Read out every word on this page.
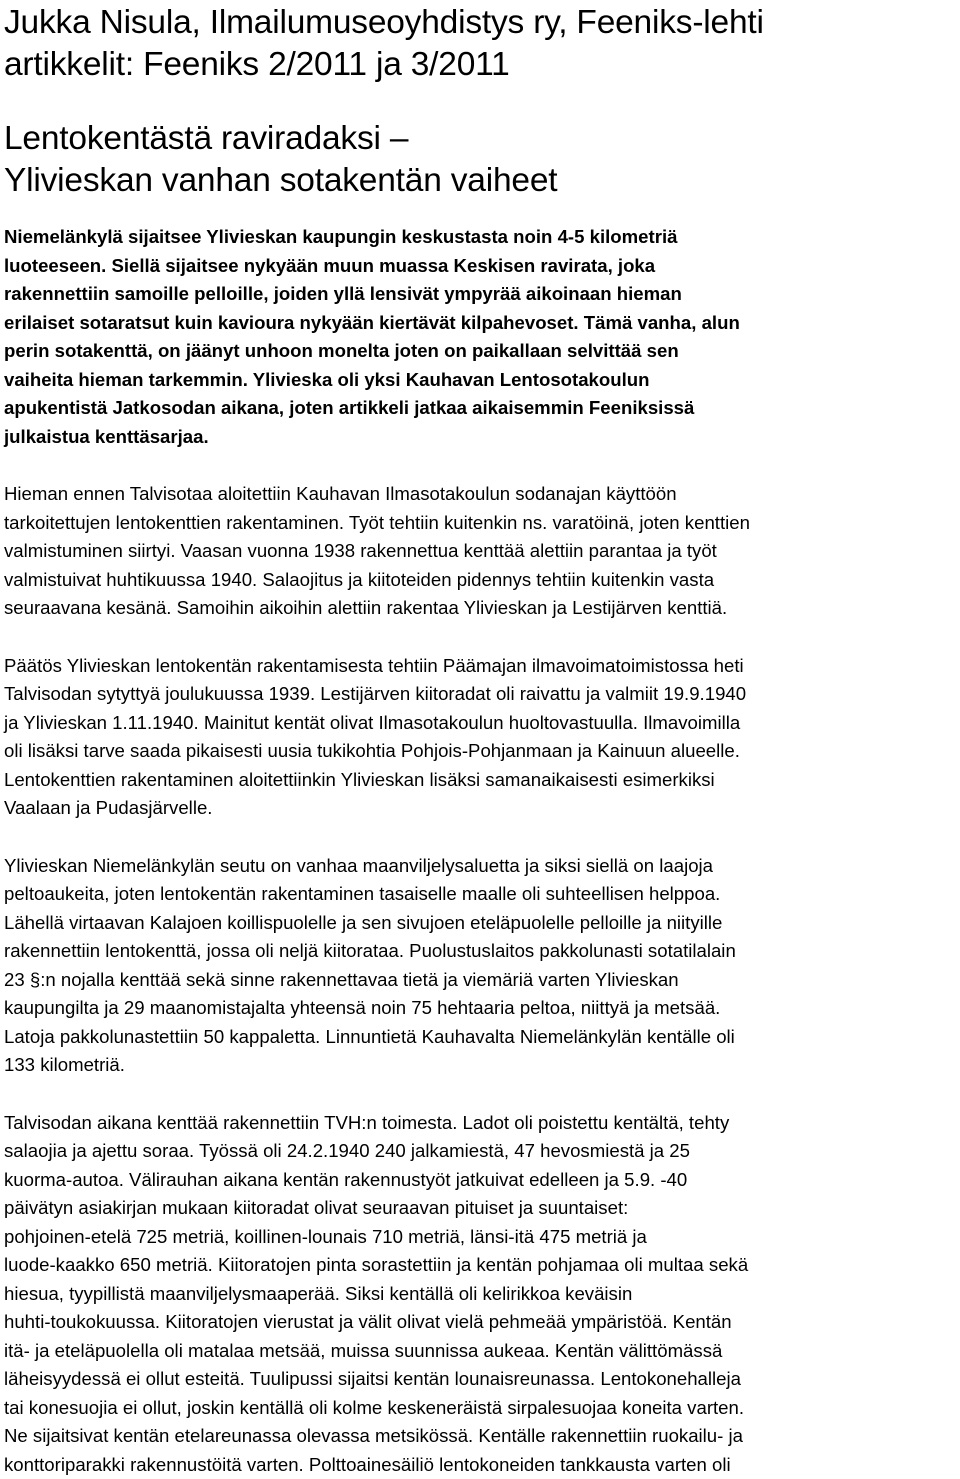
Jukka Nisula, Ilmailumuseoyhdistys ry, Feeniks-lehti
artikkelit: Feeniks 2/2011 ja 3/2011
Lentokentästä raviradaksi –
Ylivieskan vanhan sotakentän vaiheet

Niemelänkylä sijaitsee Ylivieskan kaupungin keskustasta noin 4-5 kilometriä
luoteeseen. Siellä sijaitsee nykyään muun muassa Keskisen ravirata, joka
rakennettiin samoille pelloille, joiden yllä lensivät ympyrää aikoinaan hieman
erilaiset sotaratsut kuin kavioura nykyään kiertävät kilpahevoset. Tämä vanha, alun
perin sotakenttä, on jäänyt unhoon monelta joten on paikallaan selvittää sen
vaiheita hieman tarkemmin. Ylivieska oli yksi Kauhavan Lentosotakoulun
apukentistä Jatkosodan aikana, joten artikkeli jatkaa aikaisemmin Feeniksissä
julkaistua kenttäsarjaa.

Hieman ennen Talvisotaa aloitettiin Kauhavan Ilmasotakoulun sodanajan käyttöön
tarkoitettujen lentokenttien rakentaminen. Työt tehtiin kuitenkin ns. varatöinä, joten kenttien
valmistuminen siirtyi. Vaasan vuonna 1938 rakennettua kenttää alettiin parantaa ja työt
valmistuivat huhtikuussa 1940. Salaojitus ja kiitoteiden pidennys tehtiin kuitenkin vasta
seuraavana kesänä. Samoihin aikoihin alettiin rakentaa Ylivieskan ja Lestijärven kenttiä.

Päätös Ylivieskan lentokentän rakentamisesta tehtiin Päämajan ilmavoimatoimistossa heti
Talvisodan sytyttyä joulukuussa 1939. Lestijärven kiitoradat oli raivattu ja valmiit 19.9.1940
ja Ylivieskan 1.11.1940. Mainitut kentät olivat Ilmasotakoulun huoltovastuulla. Ilmavoimilla
oli lisäksi tarve saada pikaisesti uusia tukikohtia Pohjois-Pohjanmaan ja Kainuun alueelle.
Lentokenttien rakentaminen aloitettiinkin Ylivieskan lisäksi samanaikaisesti esimerkiksi
Vaalaan ja Pudasjärvelle.

Ylivieskan Niemelänkylän seutu on vanhaa maanviljelysaluetta ja siksi siellä on laajoja
peltoaukeita, joten lentokentän rakentaminen tasaiselle maalle oli suhteellisen helppoa.
Lähellä virtaavan Kalajoen koillispuolelle ja sen sivujoen eteläpuolelle pelloille ja niityille
rakennettiin lentokenttä, jossa oli neljä kiitorataa. Puolustuslaitos pakkolunasti sotatilalain
23 §:n nojalla kenttää sekä sinne rakennettavaa tietä ja viemäriä varten Ylivieskan
kaupungilta ja 29 maanomistajalta yhteensä noin 75 hehtaaria peltoa, niittyä ja metsää.
Latoja pakkolunastettiin 50 kappaletta. Linnuntietä Kauhavalta Niemelänkylän kentälle oli
133 kilometriä.

Talvisodan aikana kenttää rakennettiin TVH:n toimesta. Ladot oli poistettu kentältä, tehty
salaojia ja ajettu soraa. Työssä oli 24.2.1940 240 jalkamiestä, 47 hevosmiestä ja 25
kuorma-autoa. Välirauhan aikana kentän rakennustyöt jatkuivat edelleen ja 5.9. -40
päivätyn asiakirjan mukaan kiitoradat olivat seuraavan pituiset ja suuntaiset:
pohjoinen-etelä 725 metriä, koillinen-lounais 710 metriä, länsi-itä 475 metriä ja
luode-kaakko 650 metriä. Kiitoratojen pinta sorastettiin ja kentän pohjamaa oli multaa sekä
hiesua, tyypillistä maanviljelysmaaperää. Siksi kentällä oli kelirikkoa keväisin
huhti-toukokuussa. Kiitoratojen vierustat ja välit olivat vielä pehmeää ympäristöä. Kentän
itä- ja eteläpuolella oli matalaa metsää, muissa suunnissa aukeaa. Kentän välittömässä
läheisyydessä ei ollut esteitä. Tuulipussi sijaitsi kentän lounaisreunassa. Lentokonehalleja
tai konesuojia ei ollut, joskin kentällä oli kolme keskeneräistä sirpalesuojaa koneita varten.
Ne sijaitsivat kentän etelareunassa olevassa metsikössä. Kentälle rakennettiin ruokailu- ja
konttoriparakki rakennustöitä varten. Polttoainesäiliö lentokoneiden tankkausta varten oli
